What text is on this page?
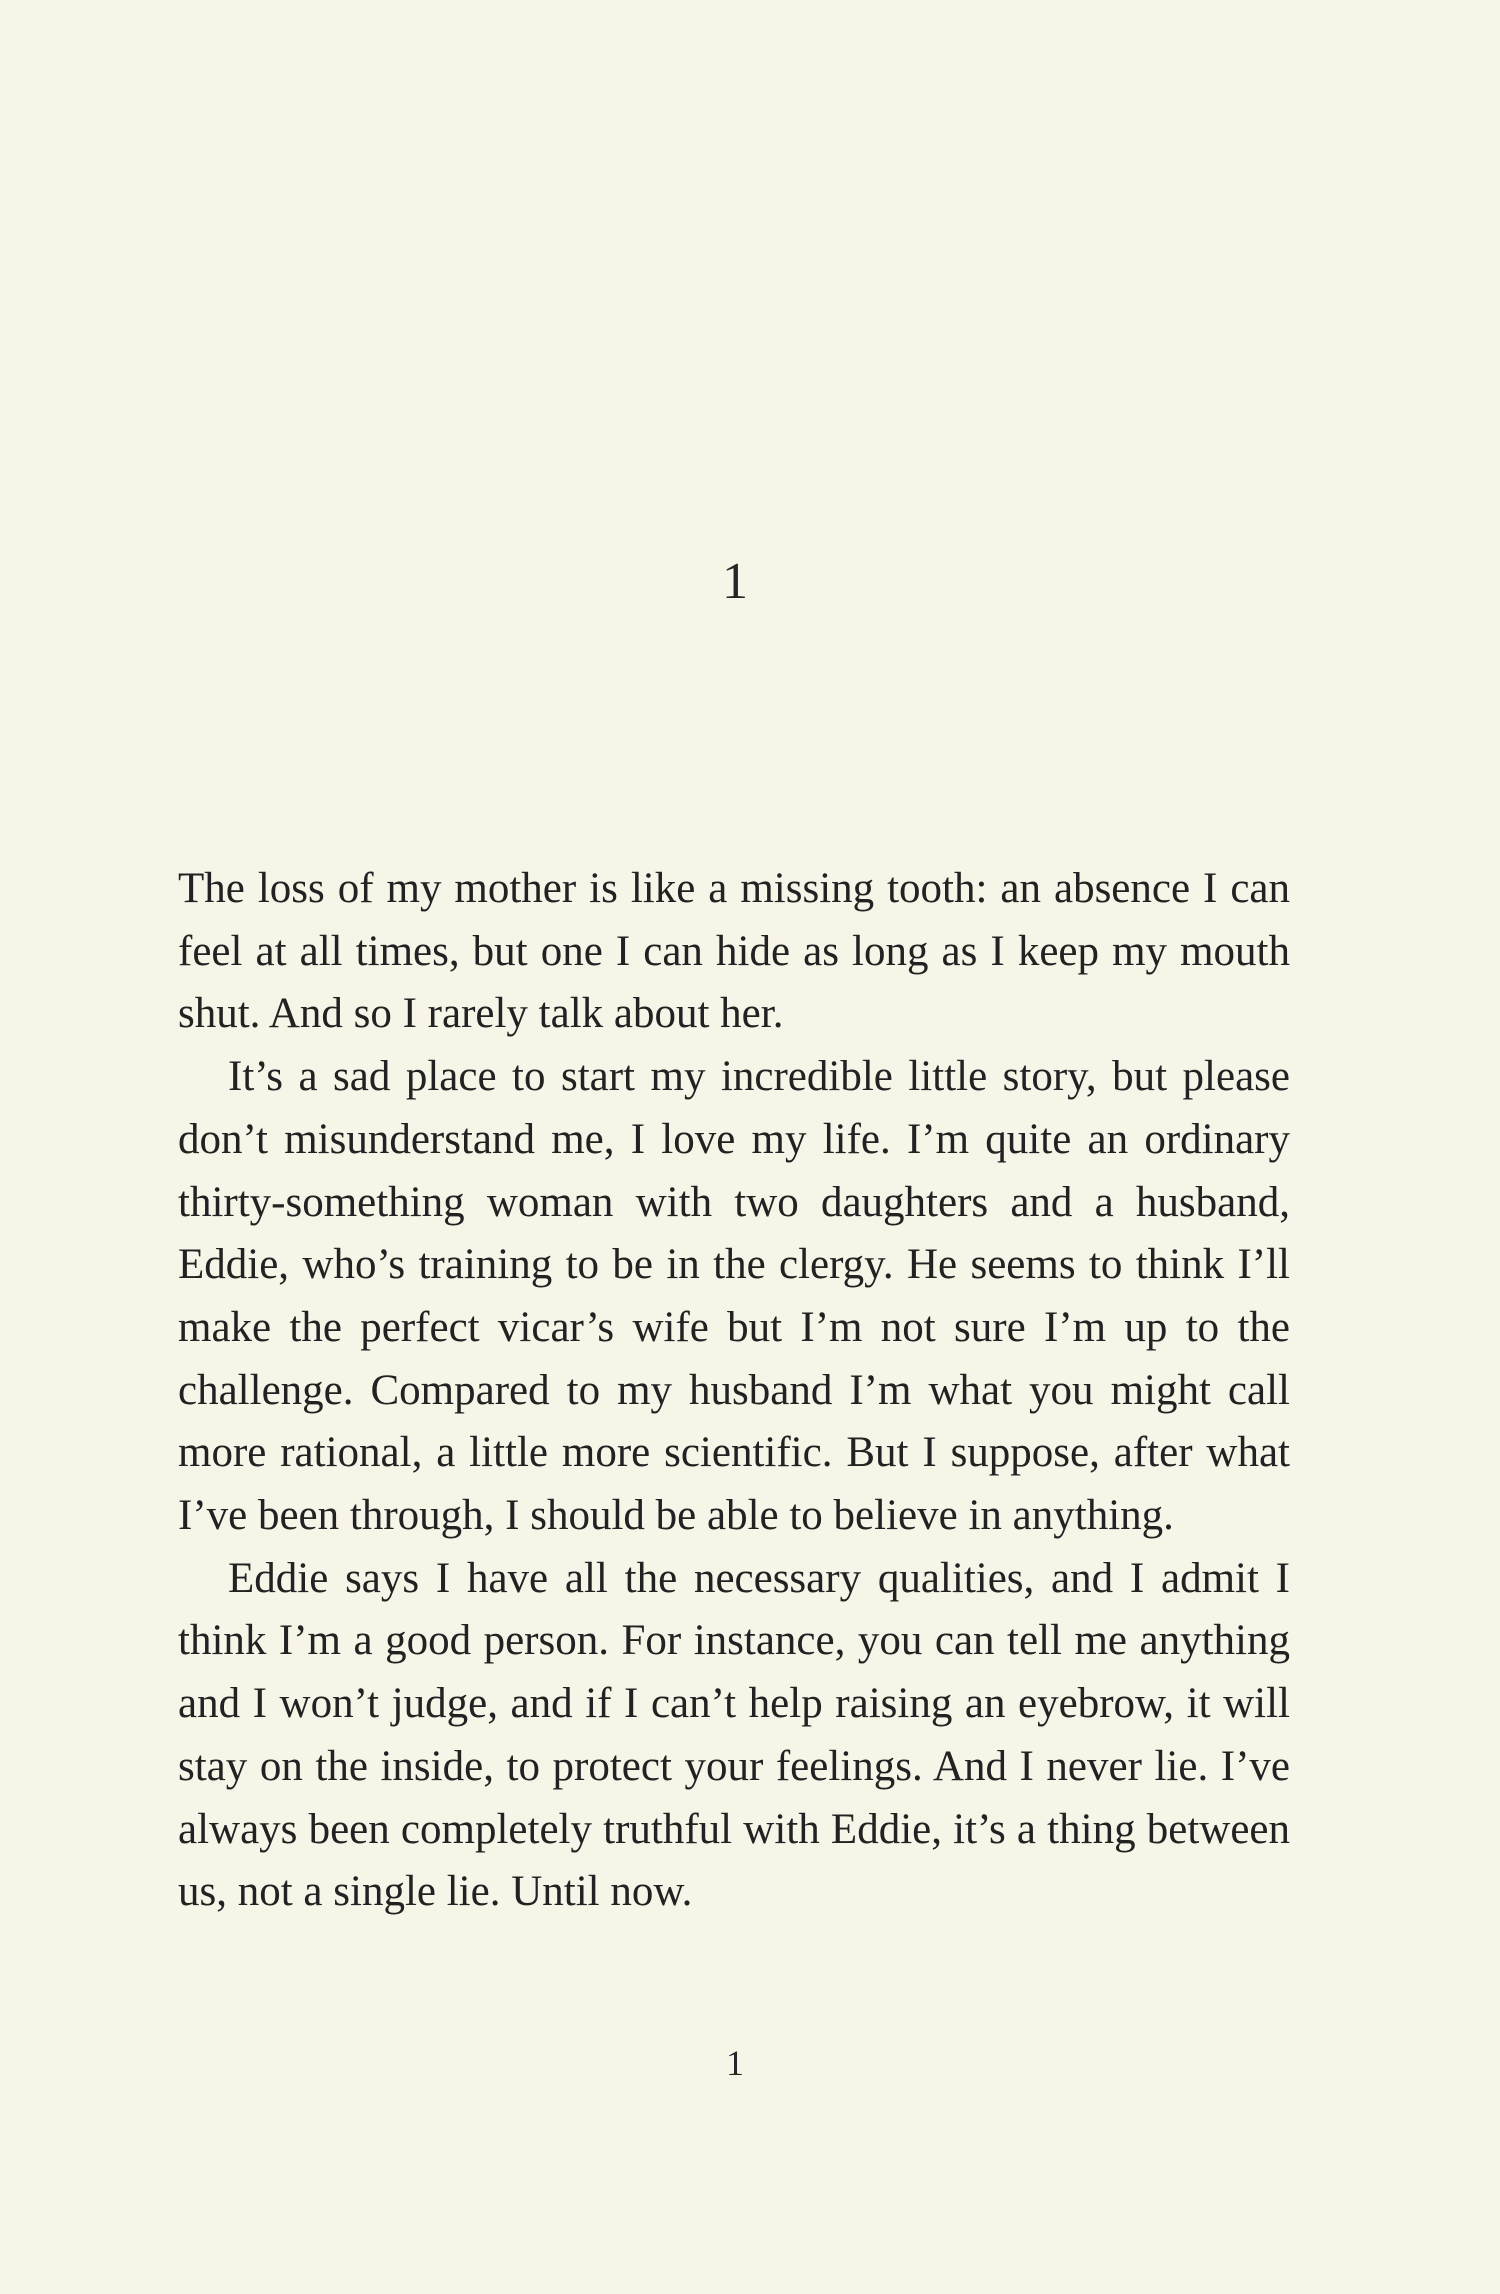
1

The loss of my mother is like a missing tooth: an absence I can feel at all times, but one I can hide as long as I keep my mouth shut. And so I rarely talk about her.

It’s a sad place to start my incredible little story, but please don’t misunderstand me, I love my life. I’m quite an ordinary thirty-something woman with two daughters and a husband, Eddie, who’s training to be in the clergy. He seems to think I’ll make the perfect vicar’s wife but I’m not sure I’m up to the challenge. Compared to my husband I’m what you might call more rational, a little more scientific. But I suppose, after what I’ve been through, I should be able to believe in anything.

Eddie says I have all the necessary qualities, and I admit I think I’m a good person. For instance, you can tell me anything and I won’t judge, and if I can’t help raising an eyebrow, it will stay on the inside, to protect your feelings. And I never lie. I’ve always been completely truthful with Eddie, it’s a thing between us, not a single lie. Until now.

1
